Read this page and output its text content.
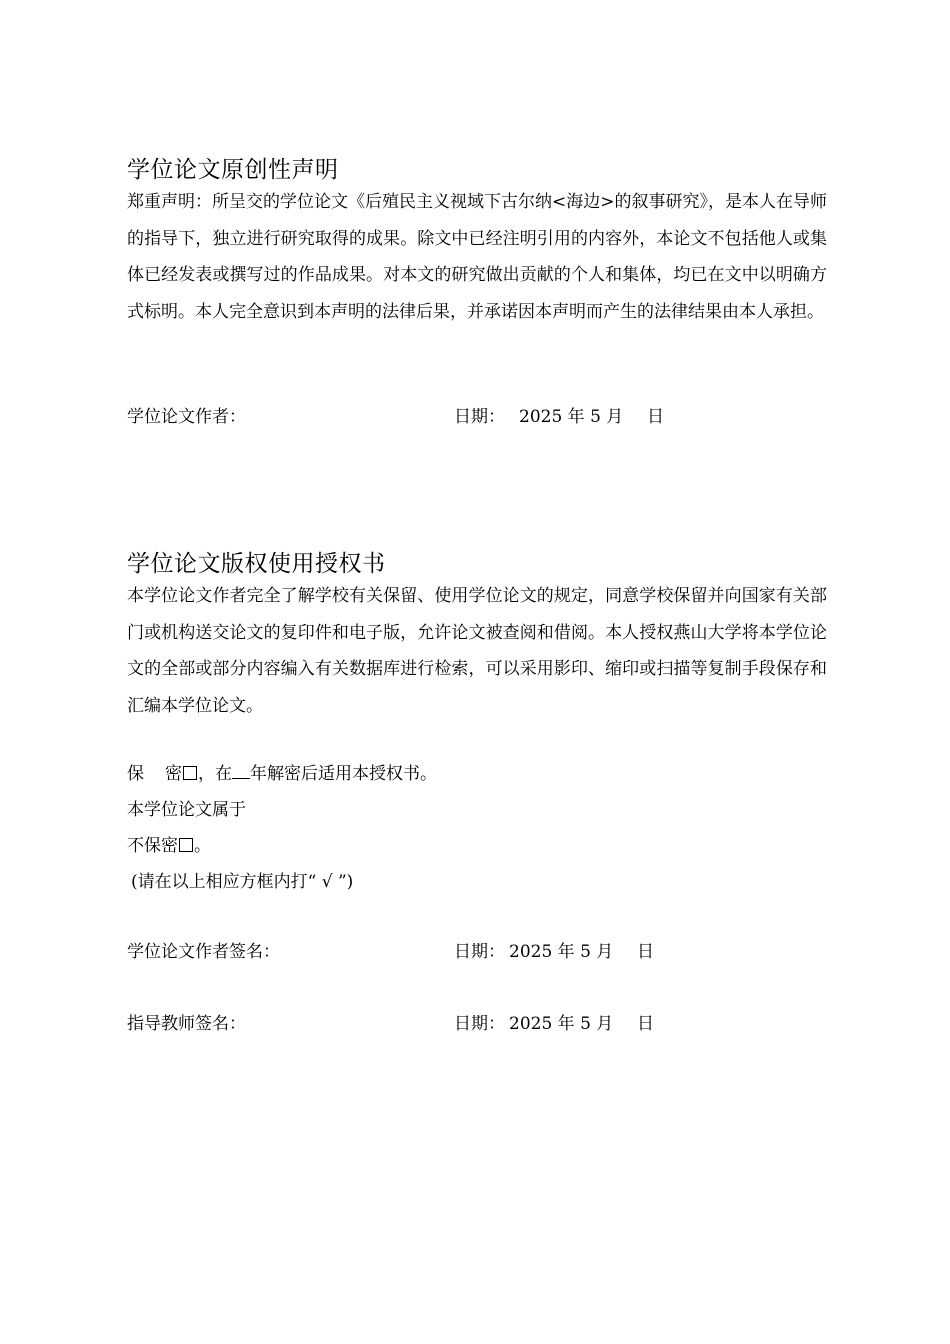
学位论文原创性声明
郑重声明：所呈交的学位论文《后殖民主义视域下古尔纳<海边>的叙事研究》，是本人在导师的指导下，独立进行研究取得的成果。除文中已经注明引用的内容外，本论文不包括他人或集体已经发表或撰写过的作品成果。对本文的研究做出贡献的个人和集体，均已在文中以明确方式标明。本人完全意识到本声明的法律后果，并承诺因本声明而产生的法律结果由本人承担。
学位论文作者：	日期： 2025 年 5 月 日
学位论文版权使用授权书
本学位论文作者完全了解学校有关保留、使用学位论文的规定，同意学校保留并向国家有关部门或机构送交论文的复印件和电子版，允许论文被查阅和借阅。本人授权燕山大学将本学位论文的全部或部分内容编入有关数据库进行检索，可以采用影印、缩印或扫描等复制手段保存和汇编本学位论文。
保 密 ，在 年解密后适用本授权书。
本学位论文属于
不保密 。
(请在以上相应方框内打“ √ ”)
学位论文作者签名：	日期： 2025 年 5 月 日
指导教师签名：	日期： 2025 年 5 月 日
